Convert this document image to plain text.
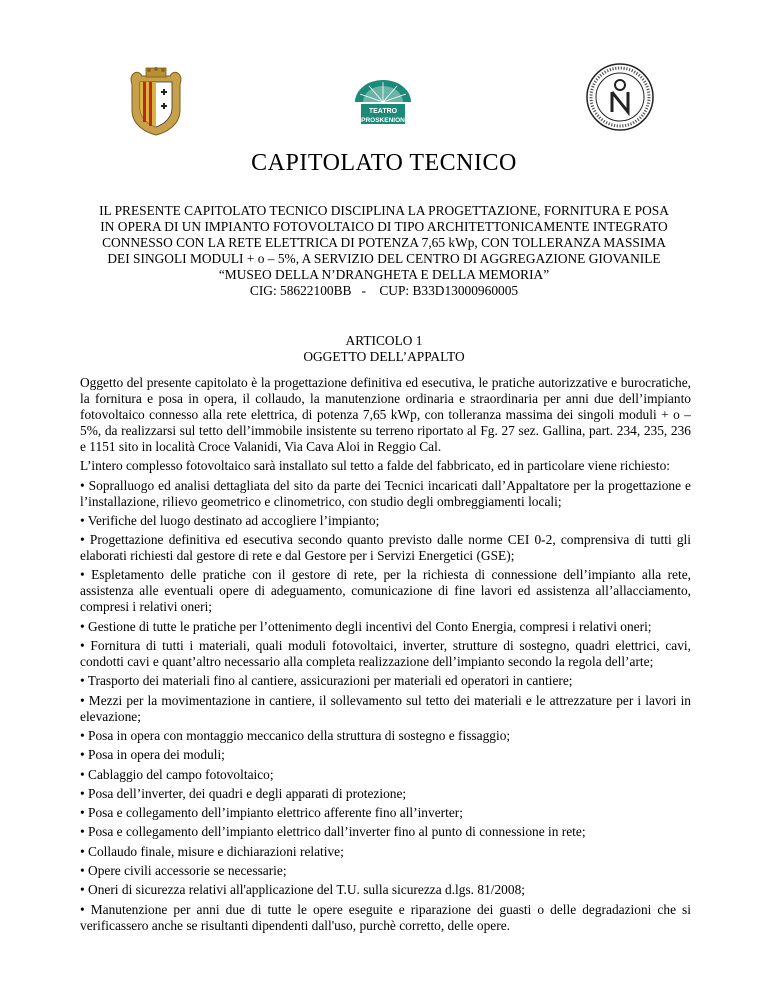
TEATRO
PROSKENION
CAPITOLATO TECNICO
IL PRESENTE CAPITOLATO TECNICO DISCIPLINA LA PROGETTAZIONE, FORNITURA E POSA
IN OPERA DI UN IMPIANTO FOTOVOLTAICO DI TIPO ARCHITETTONICAMENTE INTEGRATO
CONNESSO CON LA RETE ELETTRICA DI POTENZA 7,65 kWp, CON TOLLERANZA MASSIMA
DEI SINGOLI MODULI + o – 5%, A SERVIZIO DEL CENTRO DI AGGREGAZIONE GIOVANILE
“MUSEO DELLA N’DRANGHETA E DELLA MEMORIA”
CIG: 58622100BB   -    CUP: B33D13000960005
ARTICOLO 1
OGGETTO DELL’APPALTO

Oggetto del presente capitolato è la progettazione definitiva ed esecutiva, le pratiche autorizzative e burocratiche, la fornitura e posa in opera, il collaudo, la manutenzione ordinaria e straordinaria per anni due dell’impianto fotovoltaico connesso alla rete elettrica, di potenza 7,65 kWp, con tolleranza massima dei singoli moduli + o – 5%, da realizzarsi sul tetto dell’immobile insistente su terreno riportato al Fg. 27 sez. Gallina, part. 234, 235, 236 e 1151 sito in località Croce Valanidi, Via Cava Aloi in Reggio Cal.

L’intero complesso fotovoltaico sarà installato sul tetto a falde del fabbricato, ed in particolare viene richiesto:

• Sopralluogo ed analisi dettagliata del sito da parte dei Tecnici incaricati dall’Appaltatore per la progettazione e l’installazione, rilievo geometrico e clinometrico, con studio degli ombreggiamenti locali;

• Verifiche del luogo destinato ad accogliere l’impianto;

• Progettazione definitiva ed esecutiva secondo quanto previsto dalle norme CEI 0-2, comprensiva di tutti gli elaborati richiesti dal gestore di rete e dal Gestore per i Servizi Energetici (GSE);

• Espletamento delle pratiche con il gestore di rete, per la richiesta di connessione dell’impianto alla rete, assistenza alle eventuali opere di adeguamento, comunicazione di fine lavori ed assistenza all’allacciamento, compresi i relativi oneri;

• Gestione di tutte le pratiche per l’ottenimento degli incentivi del Conto Energia, compresi i relativi oneri;

• Fornitura di tutti i materiali, quali moduli fotovoltaici, inverter, strutture di sostegno, quadri elettrici, cavi, condotti cavi e quant’altro necessario alla completa realizzazione dell’impianto secondo la regola dell’arte;

• Trasporto dei materiali fino al cantiere, assicurazioni per materiali ed operatori in cantiere;

• Mezzi per la movimentazione in cantiere, il sollevamento sul tetto dei materiali e le attrezzature per i lavori in elevazione;

• Posa in opera con montaggio meccanico della struttura di sostegno e fissaggio;

• Posa in opera dei moduli;

• Cablaggio del campo fotovoltaico;

• Posa dell’inverter, dei quadri e degli apparati di protezione;

• Posa e collegamento dell’impianto elettrico afferente fino all’inverter;

• Posa e collegamento dell’impianto elettrico dall’inverter fino al punto di connessione in rete;

• Collaudo finale, misure e dichiarazioni relative;

• Opere civili accessorie se necessarie;

• Oneri di sicurezza relativi all'applicazione del T.U. sulla sicurezza d.lgs. 81/2008;

• Manutenzione per anni due di tutte le opere eseguite e riparazione dei guasti o delle degradazioni che si verificassero anche se risultanti dipendenti dall'uso, purchè corretto, delle opere.
